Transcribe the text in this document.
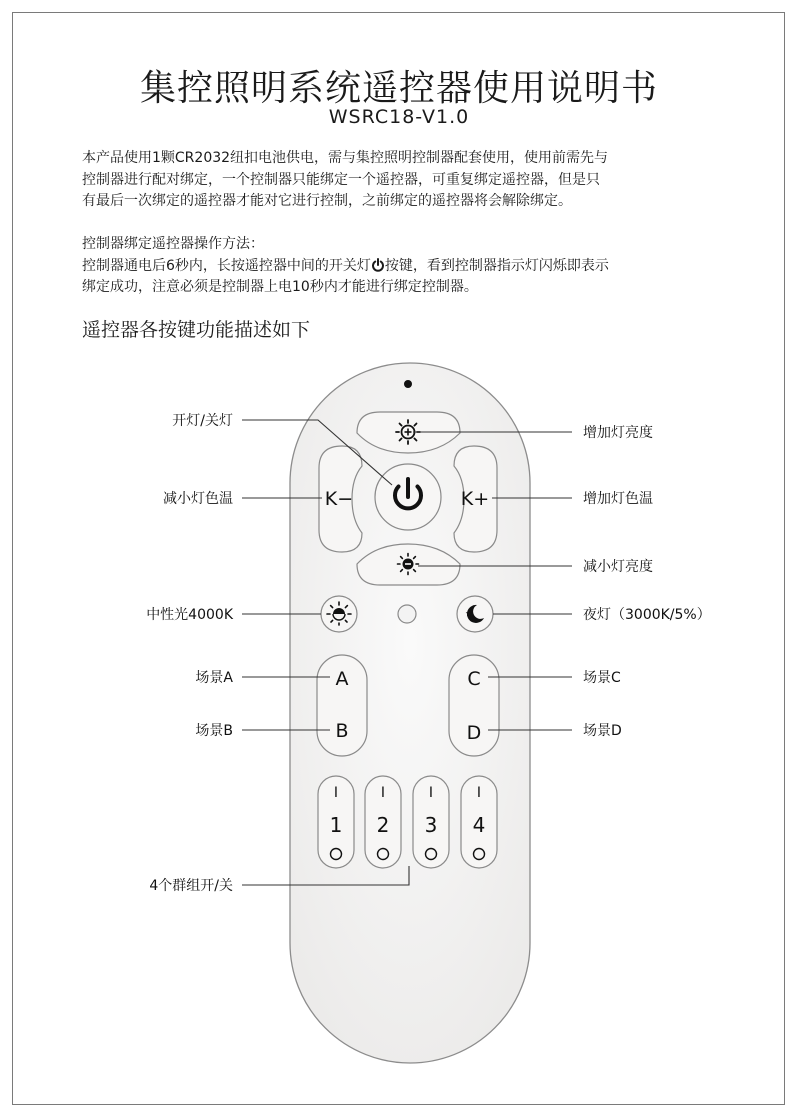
集控照明系统遥控器使用说明书
WSRC18-V1.0

本产品使用1颗CR2032纽扣电池供电，需与集控照明控制器配套使用，使用前需先与
控制器进行配对绑定，一个控制器只能绑定一个遥控器，可重复绑定遥控器，但是只
有最后一次绑定的遥控器才能对它进行控制，之前绑定的遥控器将会解除绑定。

控制器绑定遥控器操作方法：
控制器通电后6秒内，长按遥控器中间的开关灯 按键，看到控制器指示灯闪烁即表示
绑定成功，注意必须是控制器上电10秒内才能进行绑定控制器。

遥控器各按键功能描述如下
K−	K+
A
B
C
D
I
1
I
2
I
3
I
4
开灯/关灯
减小灯色温
中性光4000K
场景A
场景B
4个群组开/关
增加灯亮度
增加灯色温
减小灯亮度
夜灯（3000K/5%）
场景C
场景D
